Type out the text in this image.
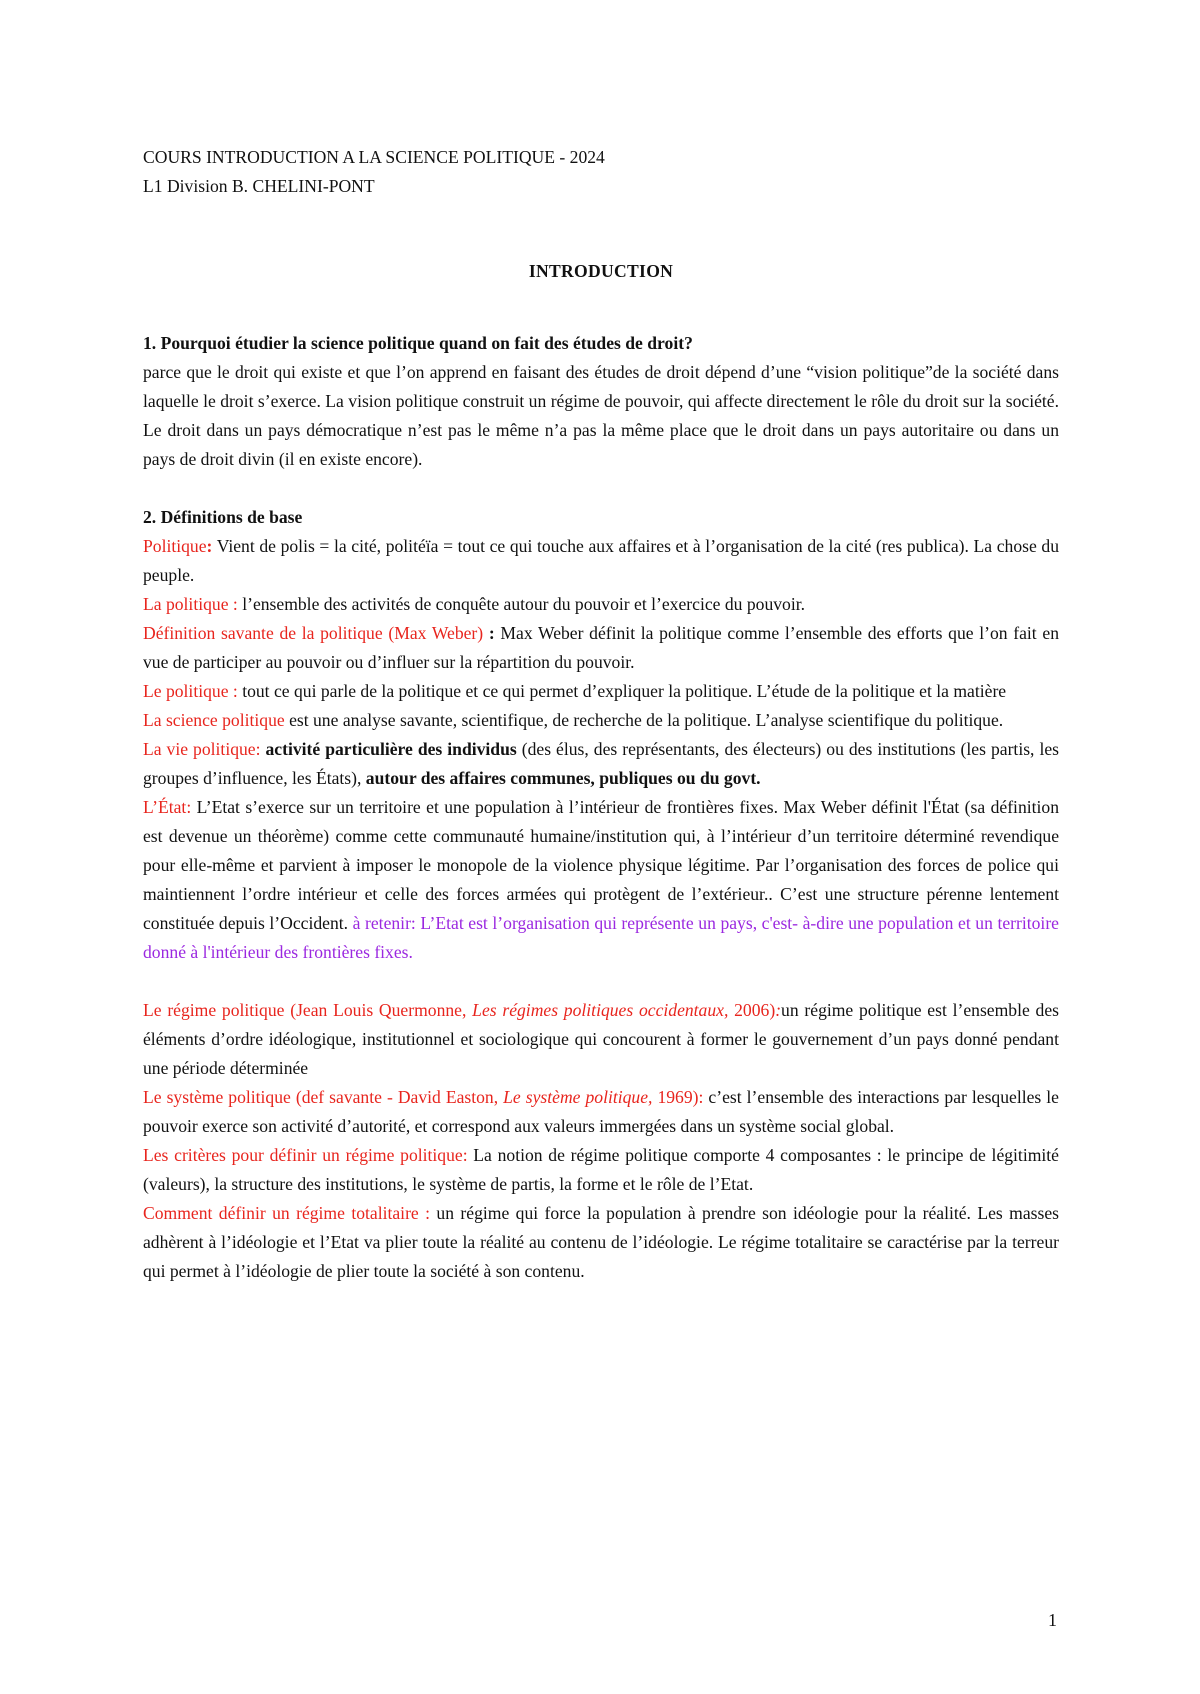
COURS INTRODUCTION A LA SCIENCE POLITIQUE - 2024
L1 Division B. CHELINI-PONT
INTRODUCTION
1. Pourquoi étudier la science politique quand on fait des études de droit?
parce que le droit qui existe et que l’on apprend en faisant des études de droit dépend d’une “vision politique”de la société dans laquelle le droit s’exerce. La vision politique construit un régime de pouvoir, qui affecte directement le rôle du droit sur la société. Le droit dans un pays démocratique n’est pas le même n’a pas la même place que le droit dans un pays autoritaire ou dans un pays de droit divin (il en existe encore).
2. Définitions de base
Politique: Vient de polis = la cité, politéïa = tout ce qui touche aux affaires et à l’organisation de la cité (res publica). La chose du peuple.
La politique : l’ensemble des activités de conquête autour du pouvoir et l’exercice du pouvoir.
Définition savante de la politique (Max Weber) : Max Weber définit la politique comme l’ensemble des efforts que l’on fait en vue de participer au pouvoir ou d’influer sur la répartition du pouvoir.
Le politique : tout ce qui parle de la politique et ce qui permet d’expliquer la politique. L’étude de la politique et la matière
La science politique est une analyse savante, scientifique, de recherche de la politique. L’analyse scientifique du politique.
La vie politique: activité particulière des individus (des élus, des représentants, des électeurs) ou des institutions (les partis, les groupes d’influence, les États), autour des affaires communes, publiques ou du govt.
L’État: L’Etat s’exerce sur un territoire et une population à l’intérieur de frontières fixes. Max Weber définit l'État (sa définition est devenue un théorème) comme cette communauté humaine/institution qui, à l’intérieur d’un territoire déterminé revendique pour elle-même et parvient à imposer le monopole de la violence physique légitime. Par l’organisation des forces de police qui maintiennent l’ordre intérieur et celle des forces armées qui protègent de l’extérieur.. C’est une structure pérenne lentement constituée depuis l’Occident. à retenir: L’Etat est l’organisation qui représente un pays, c'est- à-dire une population et un territoire donné à l'intérieur des frontières fixes.
Le régime politique (Jean Louis Quermonne, Les régimes politiques occidentaux, 2006):un régime politique est l’ensemble des éléments d’ordre idéologique, institutionnel et sociologique qui concourent à former le gouvernement d’un pays donné pendant une période déterminée
Le système politique (def savante - David Easton, Le système politique, 1969): c’est l’ensemble des interactions par lesquelles le pouvoir exerce son activité d’autorité, et correspond aux valeurs immergées dans un système social global.
Les critères pour définir un régime politique: La notion de régime politique comporte 4 composantes : le principe de légitimité (valeurs), la structure des institutions, le système de partis, la forme et le rôle de l’Etat.
Comment définir un régime totalitaire : un régime qui force la population à prendre son idéologie pour la réalité. Les masses adhèrent à l’idéologie et l’Etat va plier toute la réalité au contenu de l’idéologie. Le régime totalitaire se caractérise par la terreur qui permet à l’idéologie de plier toute la société à son contenu.
1
